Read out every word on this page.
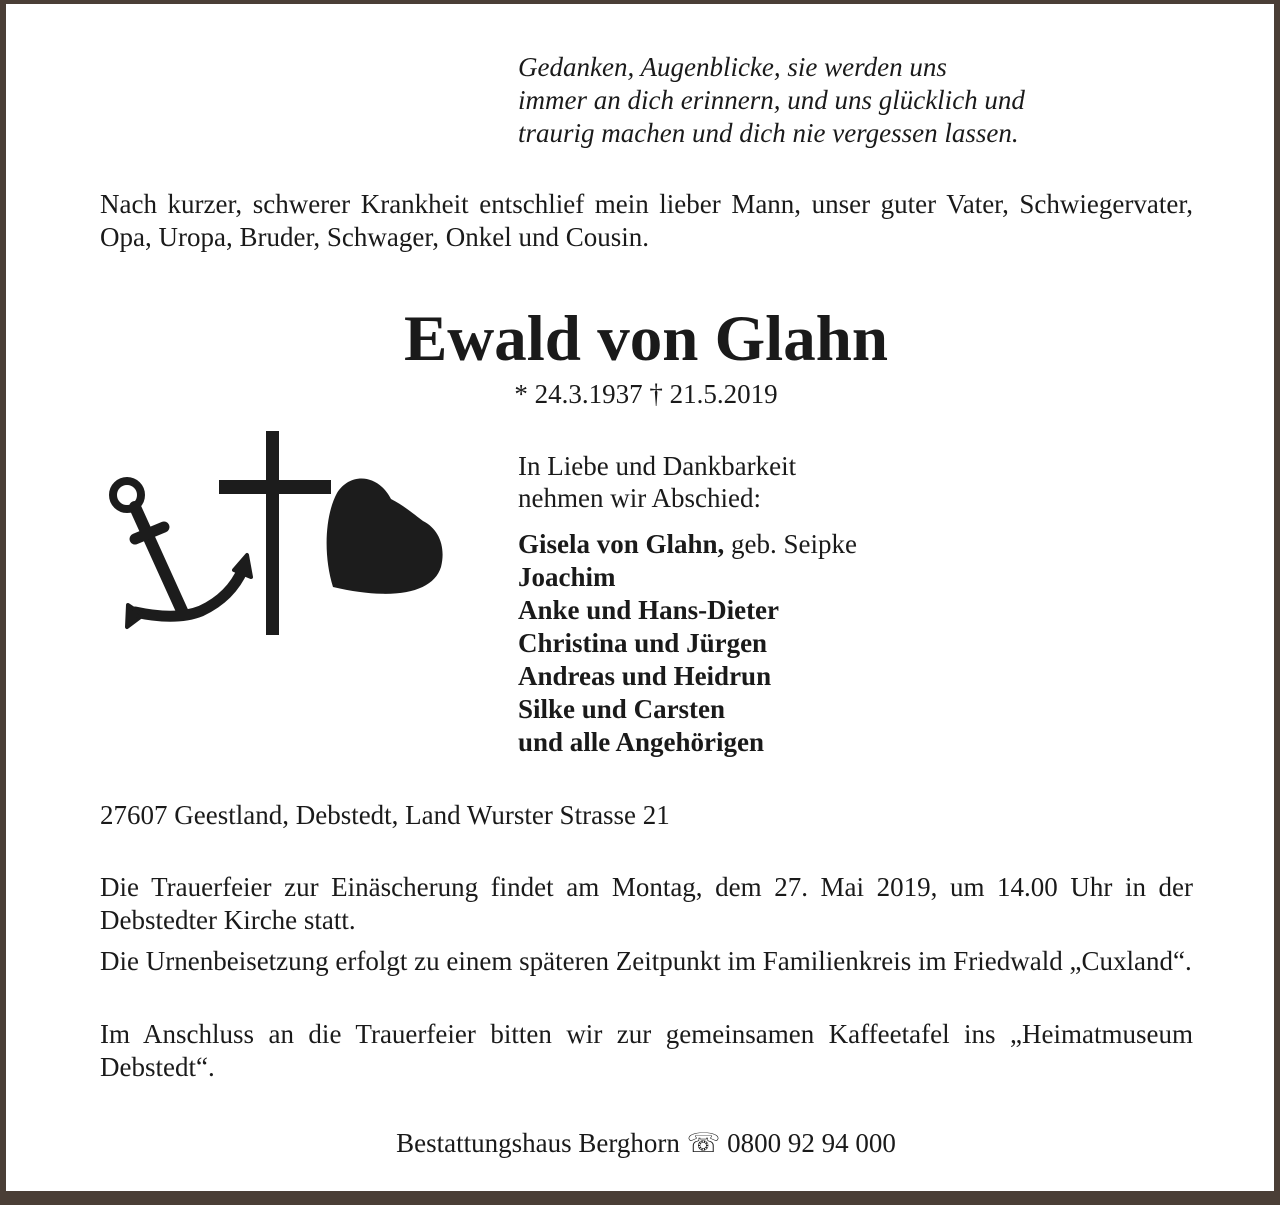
Gedanken, Augenblicke, sie werden uns
immer an dich erinnern, und uns glücklich und
traurig machen und dich nie vergessen lassen.

Nach kurzer, schwerer Krankheit entschlief mein lieber Mann, unser guter Vater, Schwiegervater, Opa, Uropa, Bruder, Schwager, Onkel und Cousin.

Ewald von Glahn
* 24.3.1937 † 21.5.2019
In Liebe und Dankbarkeit
nehmen wir Abschied:
Gisela von Glahn, geb. Seipke
Joachim
Anke und Hans-Dieter
Christina und Jürgen
Andreas und Heidrun
Silke und Carsten
und alle Angehörigen
27607 Geestland, Debstedt, Land Wurster Strasse 21

Die Trauerfeier zur Einäscherung findet am Montag, dem 27. Mai 2019, um 14.00 Uhr in der Debstedter Kirche statt.

Die Urnenbeisetzung erfolgt zu einem späteren Zeitpunkt im Familienkreis im Friedwald „Cuxland“.

Im Anschluss an die Trauerfeier bitten wir zur gemeinsamen Kaffeetafel ins „Heimatmuseum Debstedt“.

Bestattungshaus Berghorn ☏ 0800 92 94 000
